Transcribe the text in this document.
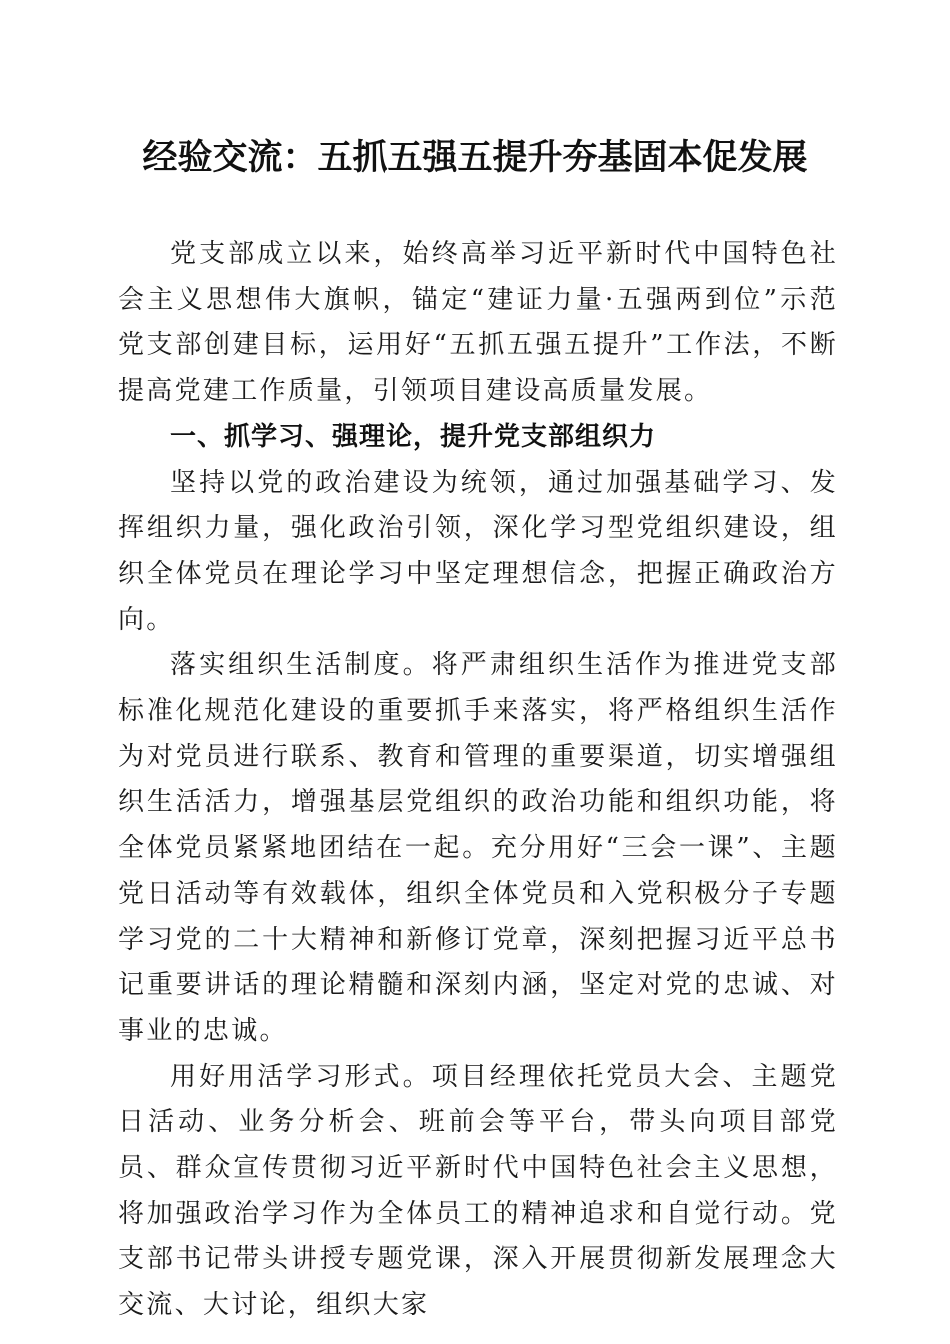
经验交流：五抓五强五提升夯基固本促发展

党支部成立以来，始终高举习近平新时代中国特色社会主义思想伟大旗帜，锚定“建证力量·五强两到位”示范党支部创建目标，运用好“五抓五强五提升”工作法，不断提高党建工作质量，引领项目建设高质量发展。

一、抓学习、强理论，提升党支部组织力

坚持以党的政治建设为统领，通过加强基础学习、发挥组织力量，强化政治引领，深化学习型党组织建设，组织全体党员在理论学习中坚定理想信念，把握正确政治方向。

落实组织生活制度。将严肃组织生活作为推进党支部标准化规范化建设的重要抓手来落实，将严格组织生活作为对党员进行联系、教育和管理的重要渠道，切实增强组织生活活力，增强基层党组织的政治功能和组织功能，将全体党员紧紧地团结在一起。充分用好“三会一课”、主题党日活动等有效载体，组织全体党员和入党积极分子专题学习党的二十大精神和新修订党章，深刻把握习近平总书记重要讲话的理论精髓和深刻内涵，坚定对党的忠诚、对事业的忠诚。

用好用活学习形式。项目经理依托党员大会、主题党日活动、业务分析会、班前会等平台，带头向项目部党员、群众宣传贯彻习近平新时代中国特色社会主义思想，将加强政治学习作为全体员工的精神追求和自觉行动。党支部书记带头讲授专题党课，深入开展贯彻新发展理念大交流、大讨论，组织大家
